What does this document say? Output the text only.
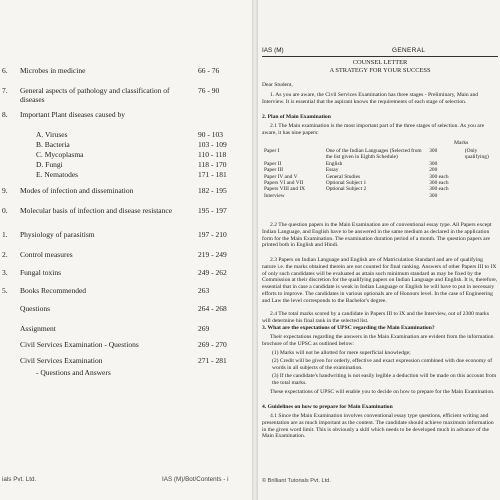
6. Microbes in medicine	66 - 76
7. General aspects of pathology and classification of diseases
76 - 90
8. Important Plant diseases caused by
A. Viruses	90 - 103
B. Bacteria	103 - 109
C. Mycoplasma	110 - 118
D. Fungi	118 - 170
E. Nematodes	171 - 181
9. Modes of infection and dissemination	182 - 195
0. Molecular basis of infection and disease resistance	195 - 197
1. Physiology of parasitism	197 - 210
2. Control measures	219 - 249
3. Fungal toxins	249 - 262
5. Books Recommended	263
Questions	264 - 268
Assignment	269
Civil Services Examination - Questions	269 - 270
Civil Services Examination	271 - 281
- Questions and Answers
ials Pvt. Ltd.	IAS (M)/Bot/Contents - i
IAS (M)	GENERAL
COUNSEL LETTER
A STRATEGY FOR YOUR SUCCESS
Dear Student,
1. As you are aware, the Civil Services Examination has three stages - Preliminary, Main and Interview. It is essential that the aspirant knows the requirements of each stage of selection.
2. Plan of Main Examination
2.1 The Main examination is the most important part of the three stages of selection. As you are aware, it has nine papers:
Marks
Paper I	One of the Indian Languages (Selected from the list given in Eighth Schedule)	300	(Only qualifying)
Paper II	English	300	
Paper III	Essay	200	
Paper IV and V	General Studies	300 each	
Papers VI and VII	Optional Subject 1	300 each	
Papers VIII and IX	Optional Subject 2	300 each	
Interview		300	
2.2 The question papers in the Main Examination are of conventional essay type. All Papers except Indian Language, and English have to be answered in the same medium as declared in the application form for the Main Examination. The examination duration period of a month. The question papers are printed both in English and Hindi.
2.3 Papers on Indian Language and English are of Matriculation Standard and are of qualifying nature i.e. the marks obtained therein are not counted for final ranking. Answers of other Papers III to IX of only such candidates will be evaluated as attain such minimum standard as may be fixed by the Commission at their discretion for the qualifying papers on Indian Language and English. It is, therefore, essential that in case a candidate is weak in Indian Language or English he will have to put in necessary efforts to improve. The candidates in various optionals are of Honours level. In the case of Engineering and Law the level corresponds to the Bachelor's degree.
2.4 The total marks scored by a candidate in Papers III to IX and the Interview, out of 2300 marks will determine his final rank in the selected list.
3. What are the expectations of UPSC regarding the Main Examination?
Their expectations regarding the answers in the Main Examination are evident from the information brochure of the UPSC as outlined below:
(1) Marks will not be allotted for mere superficial knowledge;
(2) Credit will be given for orderly, effective and exact expression combined with due economy of words in all subjects of the examination.
(3) If the candidate's handwriting is not easily legible a deduction will be made on this account from the total marks.
These expectations of UPSC will enable you to decide on how to prepare for the Main Examination.
4. Guidelines on how to prepare for Main Examination
4.1 Since the Main Examination involves conventional essay type questions, efficient writing and presentation are as much important as the content. The candidate should achieve maximum information in the given word limit. This is obviously a skill which needs to be developed much in advance of the Main Examination.
© Brilliant Tutorials Pvt. Ltd.
